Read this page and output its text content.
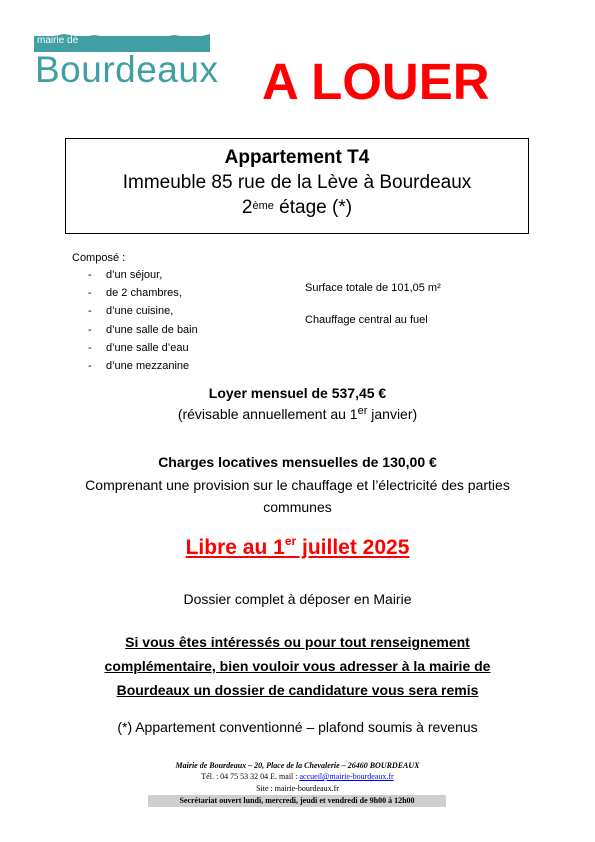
mairie de
Bourdeaux A LOUER
Appartement T4
Immeuble 85 rue de la Lève à Bourdeaux
2ème étage (*)
Composé :
- d’un séjour,
- de 2 chambres,
- d’une cuisine,
- d’une salle de bain
- d’une salle d’eau
- d’une mezzanine
Surface totale de 101,05 m²
Chauffage central au fuel
Loyer mensuel de 537,45 €
(révisable annuellement au 1er janvier)
Charges locatives mensuelles de 130,00 €
Comprenant une provision sur le chauffage et l’électricité des parties communes
Libre au 1er juillet 2025
Dossier complet à déposer en Mairie
Si vous êtes intéressés ou pour tout renseignement complémentaire, bien vouloir vous adresser à la mairie de Bourdeaux un dossier de candidature vous sera remis
(*) Appartement conventionné – plafond soumis à revenus
Mairie de Bourdeaux – 20, Place de la Chevalerie – 26460 BOURDEAUX
Tél. : 04 75 53 32 04 E. mail : accueil@mairie-bourdeaux.fr
Site : mairie-bourdeaux.fr
Secrétariat ouvert lundi, mercredi, jeudi et vendredi de 9h00 à 12h00
